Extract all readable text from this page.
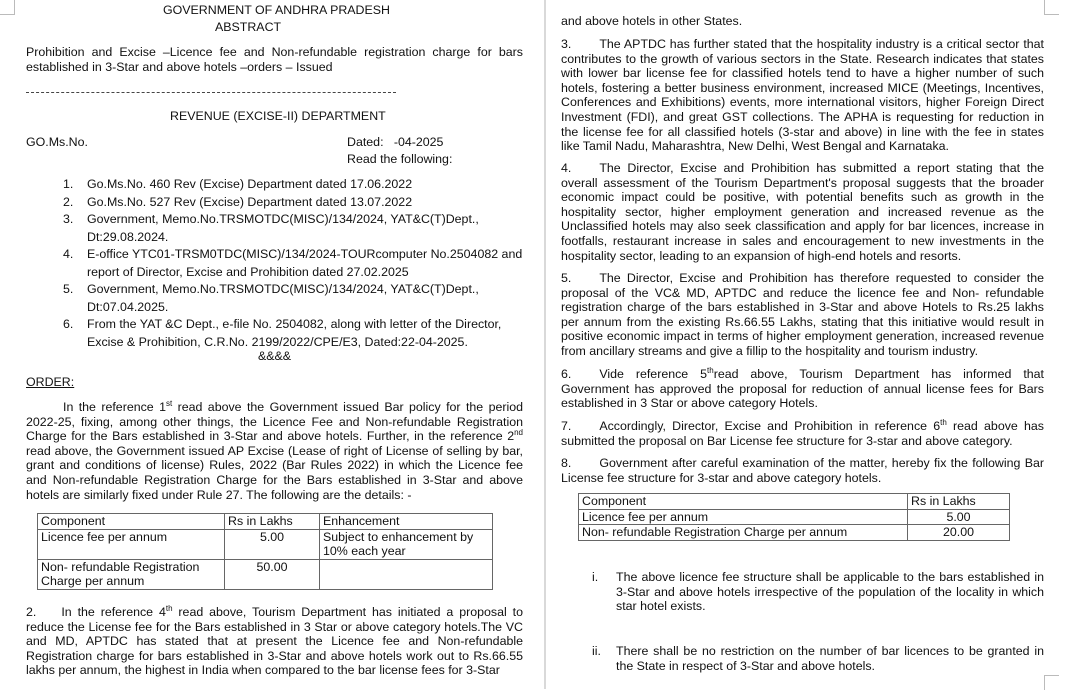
GOVERNMENT OF ANDHRA PRADESH
ABSTRACT
Prohibition and Excise –Licence fee and Non-refundable registration charge for bars established in 3-Star and above hotels –orders – Issued
REVENUE (EXCISE-II) DEPARTMENT
GO.Ms.No.	Dated:   -04-2025
Read the following:
1. Go.Ms.No. 460 Rev (Excise) Department dated 17.06.2022
2. Go.Ms.No. 527 Rev (Excise) Department dated 13.07.2022
3. Government, Memo.No.TRSMOTDC(MISC)/134/2024, YAT&C(T)Dept., Dt:29.08.2024.
4. E-office YTC01-TRSM0TDC(MISC)/134/2024-TOURcomputer No.2504082 and report of Director, Excise and Prohibition dated 27.02.2025
5. Government, Memo.No.TRSMOTDC(MISC)/134/2024, YAT&C(T)Dept., Dt:07.04.2025.
6. From the YAT &C Dept., e-file No. 2504082, along with letter of the Director, Excise & Prohibition, C.R.No. 2199/2022/CPE/E3, Dated:22-04-2025.
&&&&
ORDER:
In the reference 1st read above the Government issued Bar policy for the period 2022-25, fixing, among other things, the Licence Fee and Non-refundable Registration Charge for the Bars established in 3-Star and above hotels. Further, in the reference 2nd read above, the Government issued AP Excise (Lease of right of License of selling by bar, grant and conditions of license) Rules, 2022 (Bar Rules 2022) in which the Licence fee and Non-refundable Registration Charge for the Bars established in 3-Star and above hotels are similarly fixed under Rule 27. The following are the details: -
Component	Rs in Lakhs	Enhancement
Licence fee per annum	5.00	Subject to enhancement by 10% each year
Non- refundable Registration Charge per annum	50.00	
2. In the reference 4th read above, Tourism Department has initiated a proposal to reduce the License fee for the Bars established in 3 Star or above category hotels.The VC and MD, APTDC has stated that at present the Licence fee and Non-refundable Registration charge for bars established in 3-Star and above hotels work out to Rs.66.55 lakhs per annum, the highest in India when compared to the bar license fees for 3-Star
and above hotels in other States.
3. The APTDC has further stated that the hospitality industry is a critical sector that contributes to the growth of various sectors in the State. Research indicates that states with lower bar license fee for classified hotels tend to have a higher number of such hotels, fostering a better business environment, increased MICE (Meetings, Incentives, Conferences and Exhibitions) events, more international visitors, higher Foreign Direct Investment (FDI), and great GST collections. The APHA is requesting for reduction in the license fee for all classified hotels (3-star and above) in line with the fee in states like Tamil Nadu, Maharashtra, New Delhi, West Bengal and Karnataka.
4. The Director, Excise and Prohibition has submitted a report stating that the overall assessment of the Tourism Department's proposal suggests that the broader economic impact could be positive, with potential benefits such as growth in the hospitality sector, higher employment generation and increased revenue as the Unclassified hotels may also seek classification and apply for bar licences, increase in footfalls, restaurant increase in sales and encouragement to new investments in the hospitality sector, leading to an expansion of high-end hotels and resorts.
5. The Director, Excise and Prohibition has therefore requested to consider the proposal of the VC& MD, APTDC and reduce the licence fee and Non- refundable registration charge of the bars established in 3-Star and above Hotels to Rs.25 lakhs per annum from the existing Rs.66.55 Lakhs, stating that this initiative would result in positive economic impact in terms of higher employment generation, increased revenue from ancillary streams and give a fillip to the hospitality and tourism industry.
6. Vide  reference  5thread  above,  Tourism  Department  has  informed  that Government has approved the proposal for reduction of annual license fees for Bars established in 3 Star or above category Hotels.
7. Accordingly, Director, Excise and Prohibition in reference 6th read above has submitted the proposal on Bar License fee structure for 3-star and above category.
8. Government after careful examination of the matter, hereby fix the following Bar License fee structure for 3-star and above category hotels.
Component	Rs in Lakhs
Licence fee per annum	5.00
Non- refundable Registration Charge per annum	20.00
i. The above licence fee structure shall be applicable to the bars established in 3-Star and above hotels irrespective of the population of the locality in which star hotel exists.
ii. There shall be no restriction on the number of bar licences to be granted in the State in respect of 3-Star and above hotels.
